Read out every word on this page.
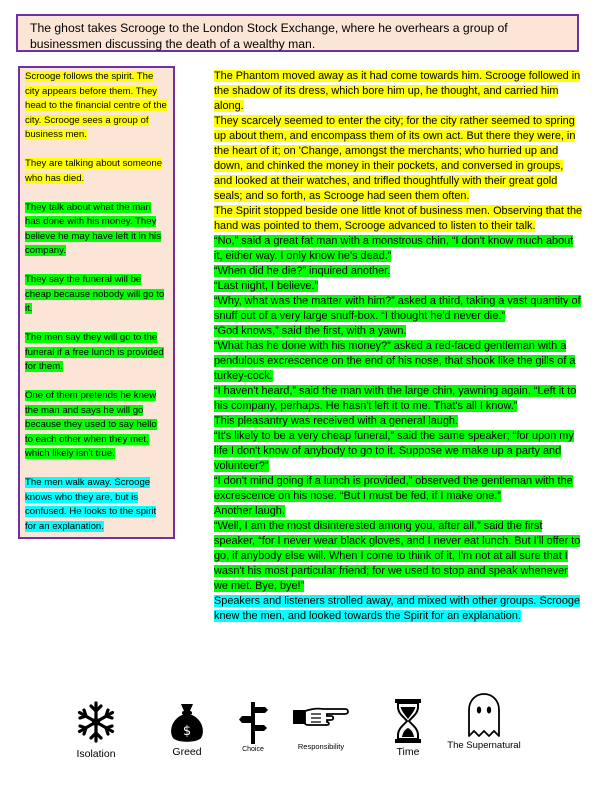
The ghost takes Scrooge to the London Stock Exchange, where he overhears a group of businessmen discussing the death of a wealthy man.

Scrooge follows the spirit. The city appears before them. They head to the financial centre of the city. Scrooge sees a group of business men.

They are talking about someone who has died.

They talk about what the man has done with his money. They believe he may have left it in his company.

They say the funeral will be cheap because nobody will go to it.

The men say they will go to the funeral if a free lunch is provided for them.

One of them pretends he knew the man and says he will go because they used to say hello to each other when they met, which likely isn't true.

The men walk away. Scrooge knows who they are, but is confused. He looks to the spirit for an explanation.

The Phantom moved away as it had come towards him. Scrooge followed in the shadow of its dress, which bore him up, he thought, and carried him along.

They scarcely seemed to enter the city; for the city rather seemed to spring up about them, and encompass them of its own act. But there they were, in the heart of it; on 'Change, amongst the merchants; who hurried up and down, and chinked the money in their pockets, and conversed in groups, and looked at their watches, and trifled thoughtfully with their great gold seals; and so forth, as Scrooge had seen them often.

The Spirit stopped beside one little knot of business men. Observing that the hand was pointed to them, Scrooge advanced to listen to their talk.

“No,” said a great fat man with a monstrous chin, “I don't know much about it, either way. I only know he's dead.”

“When did he die?” inquired another.

“Last night, I believe.”

“Why, what was the matter with him?” asked a third, taking a vast quantity of snuff out of a very large snuff-box. “I thought he'd never die.”

“God knows,” said the first, with a yawn.

“What has he done with his money?” asked a red-faced gentleman with a pendulous excrescence on the end of his nose, that shook like the gills of a turkey-cock.

“I haven't heard,” said the man with the large chin, yawning again. “Left it to his company, perhaps. He hasn't left it to me. That's all I know.”

This pleasantry was received with a general laugh.

“It's likely to be a very cheap funeral,” said the same speaker; “for upon my life I don't know of anybody to go to it. Suppose we make up a party and volunteer?”

“I don't mind going if a lunch is provided,” observed the gentleman with the excrescence on his nose. “But I must be fed, if I make one.”

Another laugh.

“Well, I am the most disinterested among you, after all,” said the first speaker, “for I never wear black gloves, and I never eat lunch. But I'll offer to go, if anybody else will. When I come to think of it, I'm not at all sure that I wasn't his most particular friend; for we used to stop and speak whenever we met. Bye, bye!”

Speakers and listeners strolled away, and mixed with other groups. Scrooge knew the men, and looked towards the Spirit for an explanation.

Isolation
$
Greed	Choice	Responsibility	Time
The Supernatural
